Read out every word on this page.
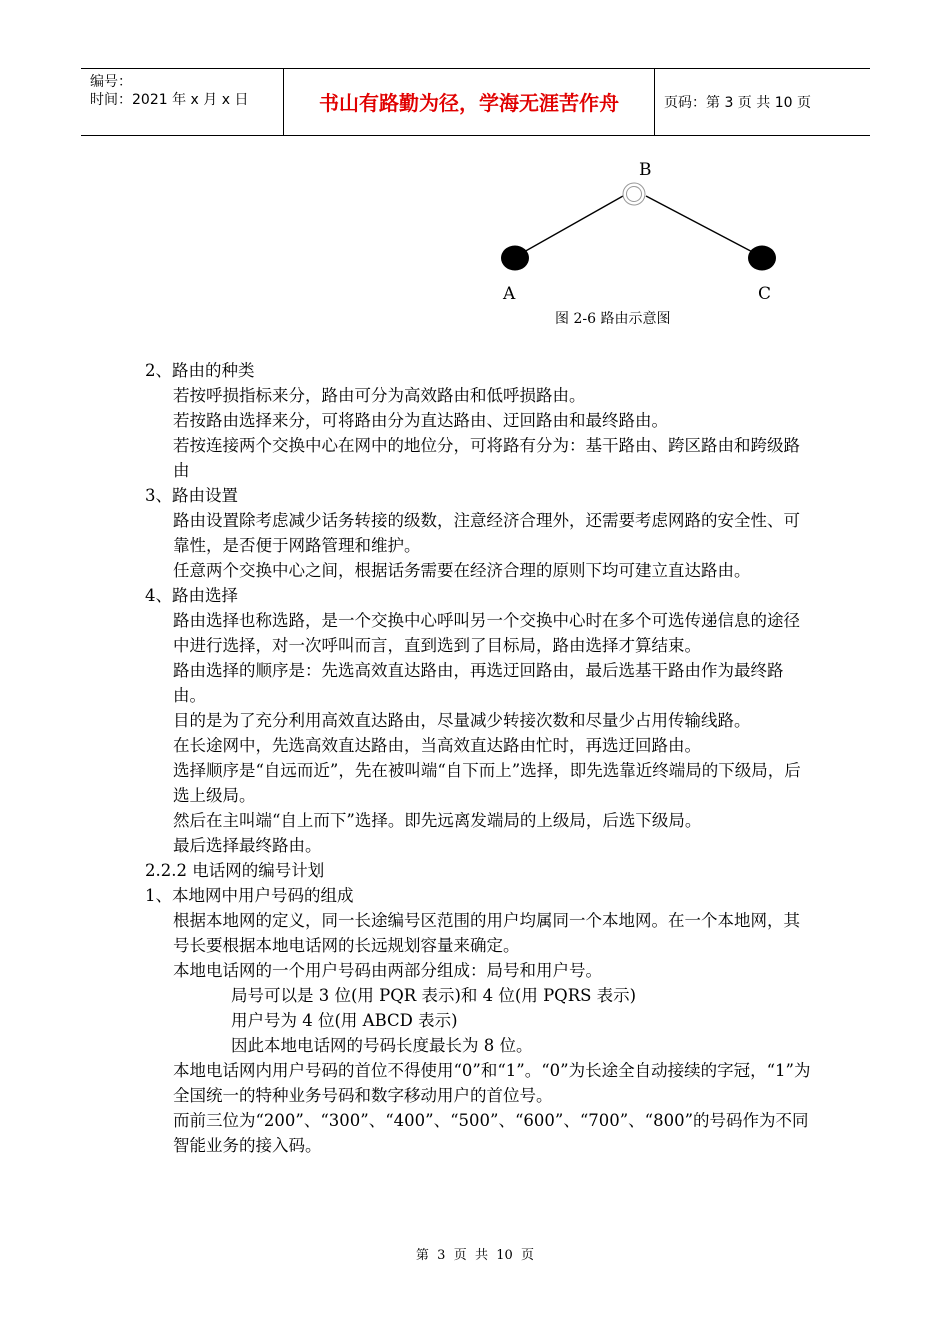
编号：
时间：2021 年 x 月 x 日	书山有路勤为径，学海无涯苦作舟	页码：第 3 页 共 10 页
B
A	C
图 2-6 路由示意图

2、路由的种类

若按呼损指标来分，路由可分为高效路由和低呼损路由。

若按路由选择来分，可将路由分为直达路由、迂回路由和最终路由。

若按连接两个交换中心在网中的地位分，可将路有分为：基干路由、跨区路由和跨级路由

3、路由设置

路由设置除考虑减少话务转接的级数，注意经济合理外，还需要考虑网路的安全性、可靠性，是否便于网路管理和维护。

任意两个交换中心之间，根据话务需要在经济合理的原则下均可建立直达路由。

4、路由选择

路由选择也称选路，是一个交换中心呼叫另一个交换中心时在多个可选传递信息的途径中进行选择，对一次呼叫而言，直到选到了目标局，路由选择才算结束。

路由选择的顺序是：先选高效直达路由，再选迂回路由，最后选基干路由作为最终路由。

目的是为了充分利用高效直达路由，尽量减少转接次数和尽量少占用传输线路。

在长途网中，先选高效直达路由，当高效直达路由忙时，再选迂回路由。

选择顺序是“自远而近”，先在被叫端“自下而上”选择，即先选靠近终端局的下级局，后选上级局。

然后在主叫端“自上而下”选择。即先远离发端局的上级局，后选下级局。

最后选择最终路由。

2.2.2 电话网的编号计划

1、本地网中用户号码的组成

根据本地网的定义，同一长途编号区范围的用户均属同一个本地网。在一个本地网，其号长要根据本地电话网的长远规划容量来确定。

本地电话网的一个用户号码由两部分组成：局号和用户号。

局号可以是 3 位(用 PQR 表示)和 4 位(用 PQRS 表示)

用户号为 4 位(用 ABCD 表示)

因此本地电话网的号码长度最长为 8 位。

本地电话网内用户号码的首位不得使用“0”和“1”。“0”为长途全自动接续的字冠，“1”为全国统一的特种业务号码和数字移动用户的首位号。

而前三位为“200”、“300”、“400”、“500”、“600”、“700”、“800”的号码作为不同智能业务的接入码。

第  3  页  共  10  页
